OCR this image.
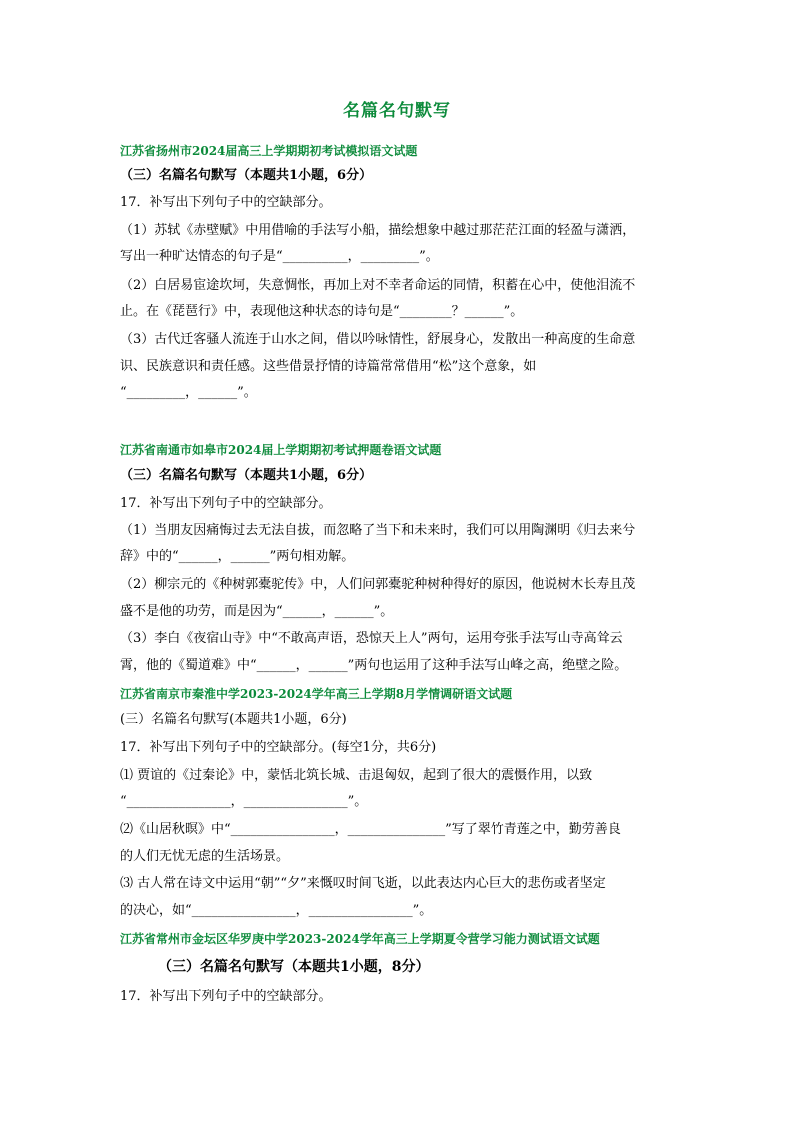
名篇名句默写
江苏省扬州市2024届高三上学期期初考试模拟语文试题
（三）名篇名句默写（本题共1小题，6分）
17．补写出下列句子中的空缺部分。
（1）苏轼《赤壁赋》中用借喻的手法写小船，描绘想象中越过那茫茫江面的轻盈与潇洒，
写出一种旷达情态的句子是“__________，_________”。
（2）白居易宦途坎坷，失意惆怅，再加上对不幸者命运的同情，积蓄在心中，使他泪流不
止。在《琵琶行》中，表现他这种状态的诗句是“________？______”。
（3）古代迁客骚人流连于山水之间，借以吟咏情性，舒展身心，发散出一种高度的生命意
识、民族意识和责任感。这些借景抒情的诗篇常常借用“松”这个意象，如
“_________，______”。
江苏省南通市如皋市2024届上学期期初考试押题卷语文试题
（三）名篇名句默写（本题共1小题，6分）
17．补写出下列句子中的空缺部分。
（1）当朋友因痛悔过去无法自拔，而忽略了当下和未来时，我们可以用陶渊明《归去来兮
辞》中的“______，______”两句相劝解。
（2）柳宗元的《种树郭橐驼传》中，人们问郭橐驼种树种得好的原因，他说树木长寿且茂
盛不是他的功劳，而是因为“______，______”。
（3）李白《夜宿山寺》中“不敢高声语，恐惊天上人”两句，运用夸张手法写山寺高耸云
霄，他的《蜀道难》中“______，______”两句也运用了这种手法写山峰之高，绝壁之险。
江苏省南京市秦淮中学2023-2024学年高三上学期8月学情调研语文试题
(三）名篇名句默写(本题共1小题，6分)
17．补写出下列句子中的空缺部分。(每空1分，共6分)
⑴ 贾谊的《过秦论》中，蒙恬北筑长城、击退匈奴，起到了很大的震慑作用，以致
“________________，________________”。
⑵《山居秋暝》中“________________，_______________”写了翠竹青莲之中，勤劳善良
的人们无忧无虑的生活场景。
⑶ 古人常在诗文中运用“朝”“夕”来慨叹时间飞逝，以此表达内心巨大的悲伤或者坚定
的决心，如“________________，________________”。
江苏省常州市金坛区华罗庚中学2023-2024学年高三上学期夏令营学习能力测试语文试题
（三）名篇名句默写（本题共1小题，8分）
17．补写出下列句子中的空缺部分。
